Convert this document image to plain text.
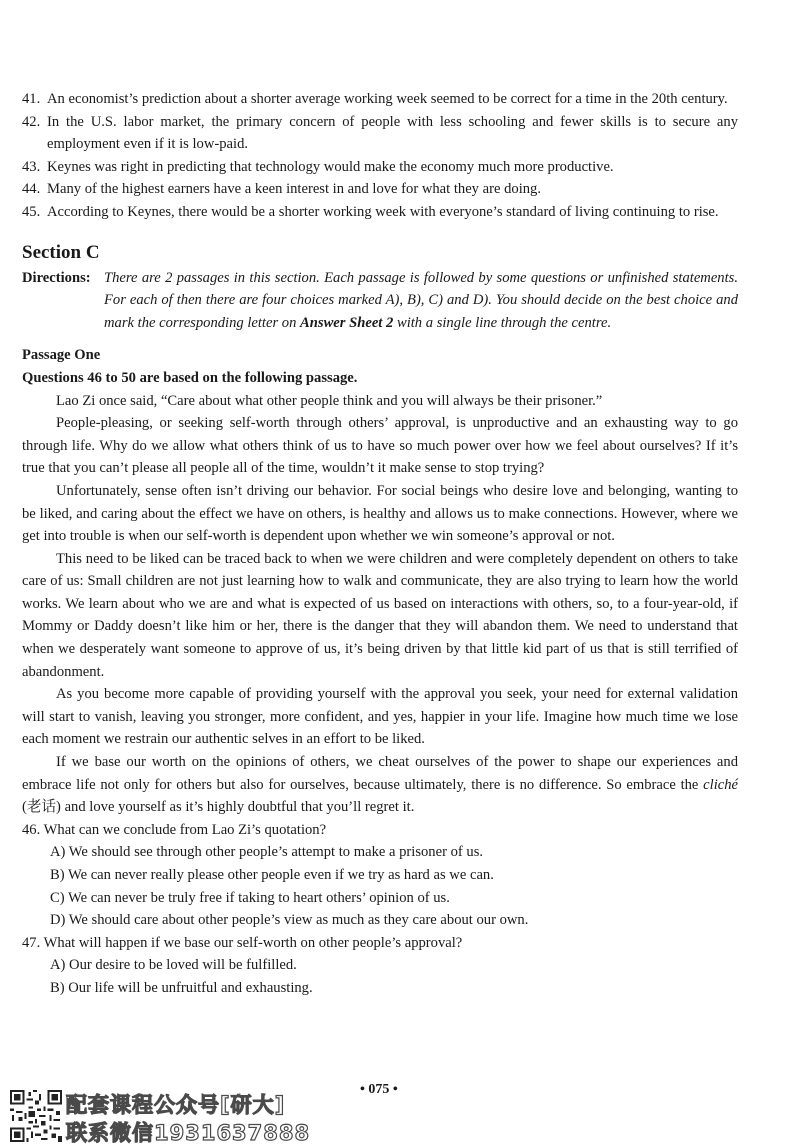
41. An economist’s prediction about a shorter average working week seemed to be correct for a time in the 20th century.
42. In the U.S. labor market, the primary concern of people with less schooling and fewer skills is to secure any employment even if it is low-paid.
43. Keynes was right in predicting that technology would make the economy much more productive.
44. Many of the highest earners have a keen interest in and love for what they are doing.
45. According to Keynes, there would be a shorter working week with everyone’s standard of living continuing to rise.
Section C
Directions: There are 2 passages in this section. Each passage is followed by some questions or unfinished statements. For each of then there are four choices marked A), B), C) and D). You should decide on the best choice and mark the corresponding letter on Answer Sheet 2 with a single line through the centre.
Passage One
Questions 46 to 50 are based on the following passage.
Lao Zi once said, “Care about what other people think and you will always be their prisoner.”
People-pleasing, or seeking self-worth through others’ approval, is unproductive and an exhausting way to go through life. Why do we allow what others think of us to have so much power over how we feel about ourselves? If it’s true that you can’t please all people all of the time, wouldn’t it make sense to stop trying?
Unfortunately, sense often isn’t driving our behavior. For social beings who desire love and belonging, wanting to be liked, and caring about the effect we have on others, is healthy and allows us to make connections. However, where we get into trouble is when our self-worth is dependent upon whether we win someone’s approval or not.
This need to be liked can be traced back to when we were children and were completely dependent on others to take care of us: Small children are not just learning how to walk and communicate, they are also trying to learn how the world works. We learn about who we are and what is expected of us based on interactions with others, so, to a four-year-old, if Mommy or Daddy doesn’t like him or her, there is the danger that they will abandon them. We need to understand that when we desperately want someone to approve of us, it’s being driven by that little kid part of us that is still terrified of abandonment.
As you become more capable of providing yourself with the approval you seek, your need for external validation will start to vanish, leaving you stronger, more confident, and yes, happier in your life. Imagine how much time we lose each moment we restrain our authentic selves in an effort to be liked.
If we base our worth on the opinions of others, we cheat ourselves of the power to shape our experiences and embrace life not only for others but also for ourselves, because ultimately, there is no difference. So embrace the cliché (老话) and love yourself as it’s highly doubtful that you’ll regret it.
46. What can we conclude from Lao Zi’s quotation?
A) We should see through other people’s attempt to make a prisoner of us.
B) We can never really please other people even if we try as hard as we can.
C) We can never be truly free if taking to heart others’ opinion of us.
D) We should care about other people’s view as much as they care about our own.
47. What will happen if we base our self-worth on other people’s approval?
A) Our desire to be loved will be fulfilled.
B) Our life will be unfruitful and exhausting.
• 075 •
配套课程公众号[研大]
联系微信1931637888
